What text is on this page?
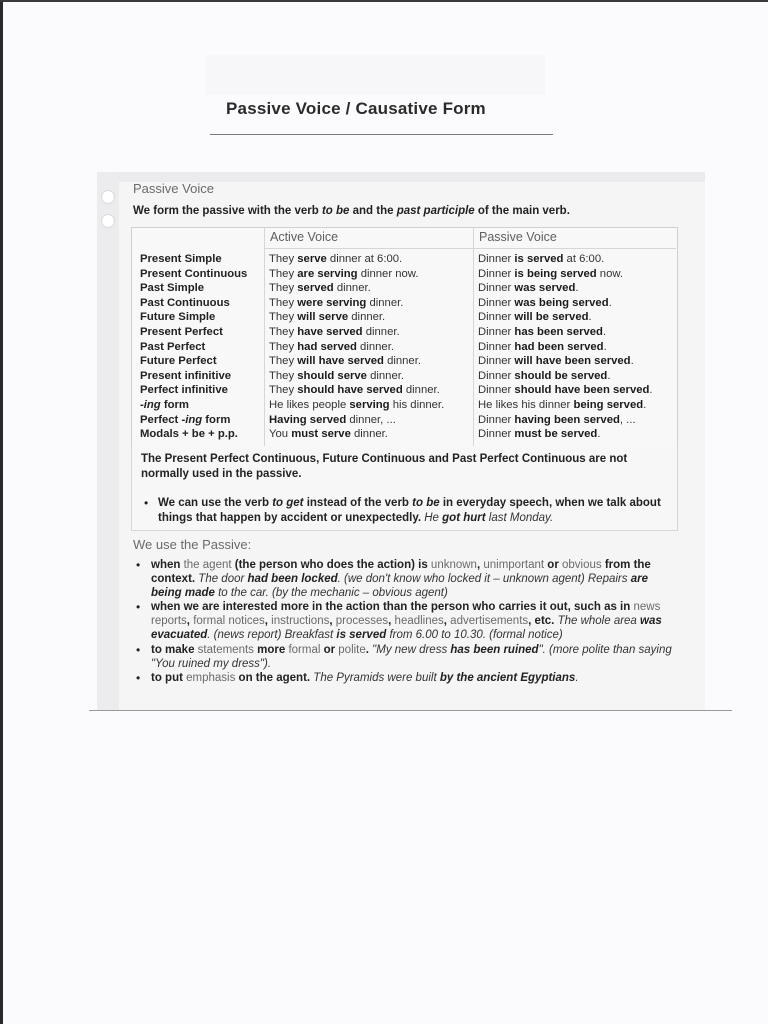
Passive Voice / Causative Form
Passive Voice
We form the passive with the verb to be and the past participle of the main verb.
Active Voice	Passive Voice
Present Simple	They serve dinner at 6:00.	Dinner is served at 6:00.
Present Continuous They are serving dinner now.	Dinner is being served now.
Past Simple	They served dinner.	Dinner was served.
Past Continuous	They were serving dinner.	Dinner was being served.
Future Simple	They will serve dinner.	Dinner will be served.
Present Perfect	They have served dinner.	Dinner has been served.
Past Perfect	They had served dinner.	Dinner had been served.
Future Perfect	They will have served dinner.	Dinner will have been served.
Present infinitive	They should serve dinner.	Dinner should be served.
Perfect infinitive	They should have served dinner.	Dinner should have been served.
-ing form	He likes people serving his dinner.	He likes his dinner being served.
Perfect -ing form	Having served dinner, ...	Dinner having been served, ...
Modals + be + p.p.	You must serve dinner.	Dinner must be served.
The Present Perfect Continuous, Future Continuous and Past Perfect Continuous are not normally used in the passive.
• We can use the verb to get instead of the verb to be in everyday speech, when we talk about things that happen by accident or unexpectedly. He got hurt last Monday.
We use the Passive:
• when the agent (the person who does the action) is unknown, unimportant or obvious from the context. The door had been locked. (we don't know who locked it – unknown agent) Repairs are being made to the car. (by the mechanic – obvious agent)
• when we are interested more in the action than the person who carries it out, such as in news reports, formal notices, instructions, processes, headlines, advertisements, etc. The whole area was evacuated. (news report) Breakfast is served from 6.00 to 10.30. (formal notice)
• to make statements more formal or polite. "My new dress has been ruined". (more polite than saying "You ruined my dress").
• to put emphasis on the agent. The Pyramids were built by the ancient Egyptians.
